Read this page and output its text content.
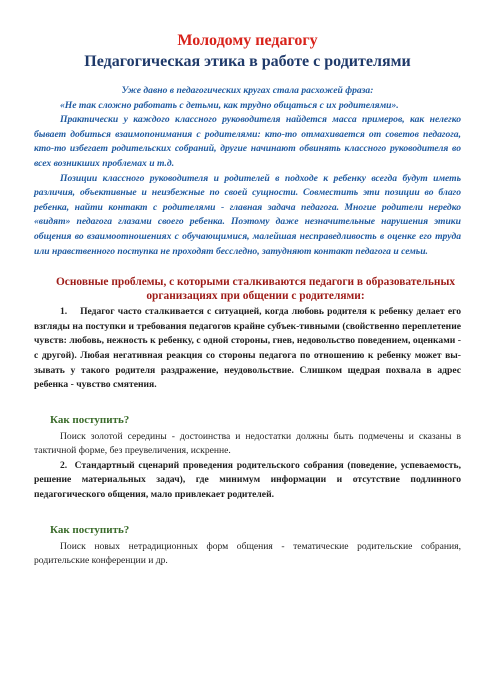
Молодому педагогу
Педагогическая этика в работе с родителями

Уже давно в педагогических кругах стала расхожей фраза:

«Не так сложно работать с детьми, как трудно общаться с их родителями».

Практически у каждого классного руководителя найдется масса примеров, как нелегко бывает добиться взаимопонимания с родителями: кто-то отмахивается от советов педагога, кто-то избегает родительских собраний, другие начинают обвинять классного руководителя во всех возникших проблемах и т.д.

Позиции классного руководителя и родителей в подходе к ребенку всегда будут иметь различия, объективные и неизбежные по своей сущности. Совместить эти позиции во благо ребенка, найти контакт с родителями - главная задача педагога. Многие родители нередко «видят» педагога глазами своего ребенка. Поэтому даже незначительные нарушения этики общения во взаимоотношениях с обучающимися, малейшая несправедливость в оценке его труда или нравственного поступка не проходят бесследно, затудняют контакт педагога и семьи.

Основные проблемы, с которыми сталкиваются педагоги в образовательных организациях при общении с родителями:

1.    Педагог часто сталкивается с ситуацией, когда любовь родителя к ребенку делает его взгляды на поступки и требования педагогов крайне субъек-тивными (свойственно переплетение чувств: любовь, нежность к ребенку, с одной стороны, гнев, недовольство поведением, оценками - с другой). Любая негативная реакция со стороны педагога по отношению к ребенку может вы-зывать у такого родителя раздражение, неудовольствие. Слишком щедрая похвала в адрес ребенка - чувство смятения.

Как поступить?

Поиск золотой середины - достоинства и недостатки должны быть подмечены и сказаны в тактичной форме, без преувеличения, искренне.

2.  Стандартный сценарий проведения родительского собрания (поведение, успеваемость, решение материальных задач), где минимум информации и отсутствие подлинного педагогического общения, мало привлекает родителей.

Как поступить?

Поиск новых нетрадиционных форм общения - тематические родительские собрания, родительские конференции и др.
